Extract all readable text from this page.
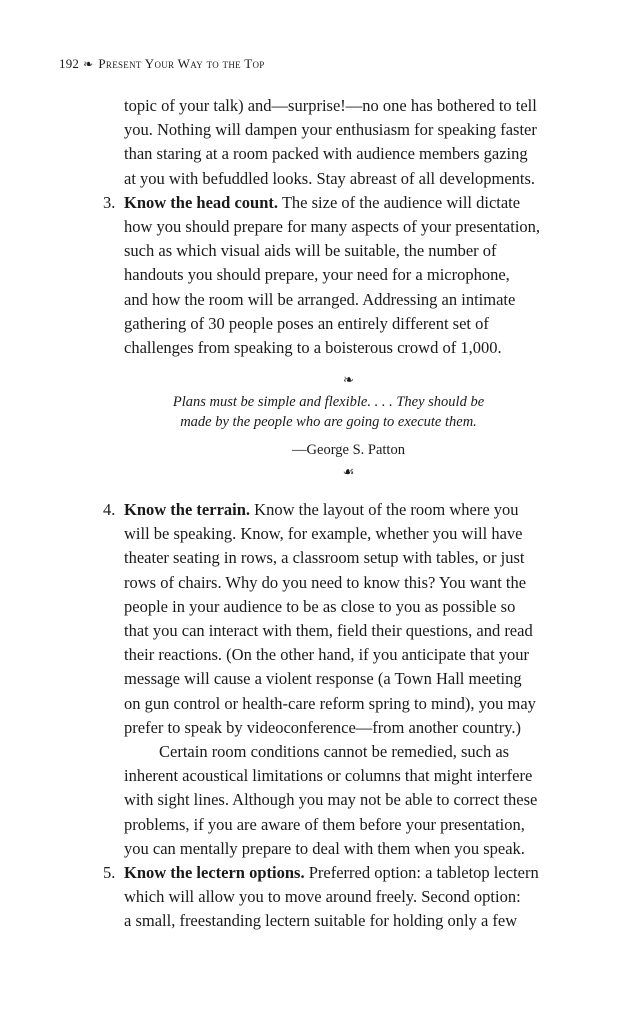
192 ❧ Present Your Way to the Top
topic of your talk) and—surprise!—no one has bothered to tell
you. Nothing will dampen your enthusiasm for speaking faster
than staring at a room packed with audience members gazing
at you with befuddled looks. Stay abreast of all developments.
3. Know the head count. The size of the audience will dictate
how you should prepare for many aspects of your presentation,
such as which visual aids will be suitable, the number of
handouts you should prepare, your need for a microphone,
and how the room will be arranged. Addressing an intimate
gathering of 30 people poses an entirely different set of
challenges from speaking to a boisterous crowd of 1,000.
❧
Plans must be simple and flexible. . . . They should be
made by the people who are going to execute them.
—George S. Patton
☙
4. Know the terrain. Know the layout of the room where you
will be speaking. Know, for example, whether you will have
theater seating in rows, a classroom setup with tables, or just
rows of chairs. Why do you need to know this? You want the
people in your audience to be as close to you as possible so
that you can interact with them, field their questions, and read
their reactions. (On the other hand, if you anticipate that your
message will cause a violent response (a Town Hall meeting
on gun control or health-care reform spring to mind), you may
prefer to speak by videoconference—from another country.)
Certain room conditions cannot be remedied, such as
inherent acoustical limitations or columns that might interfere
with sight lines. Although you may not be able to correct these
problems, if you are aware of them before your presentation,
you can mentally prepare to deal with them when you speak.
5. Know the lectern options. Preferred option: a tabletop lectern
which will allow you to move around freely. Second option:
a small, freestanding lectern suitable for holding only a few
